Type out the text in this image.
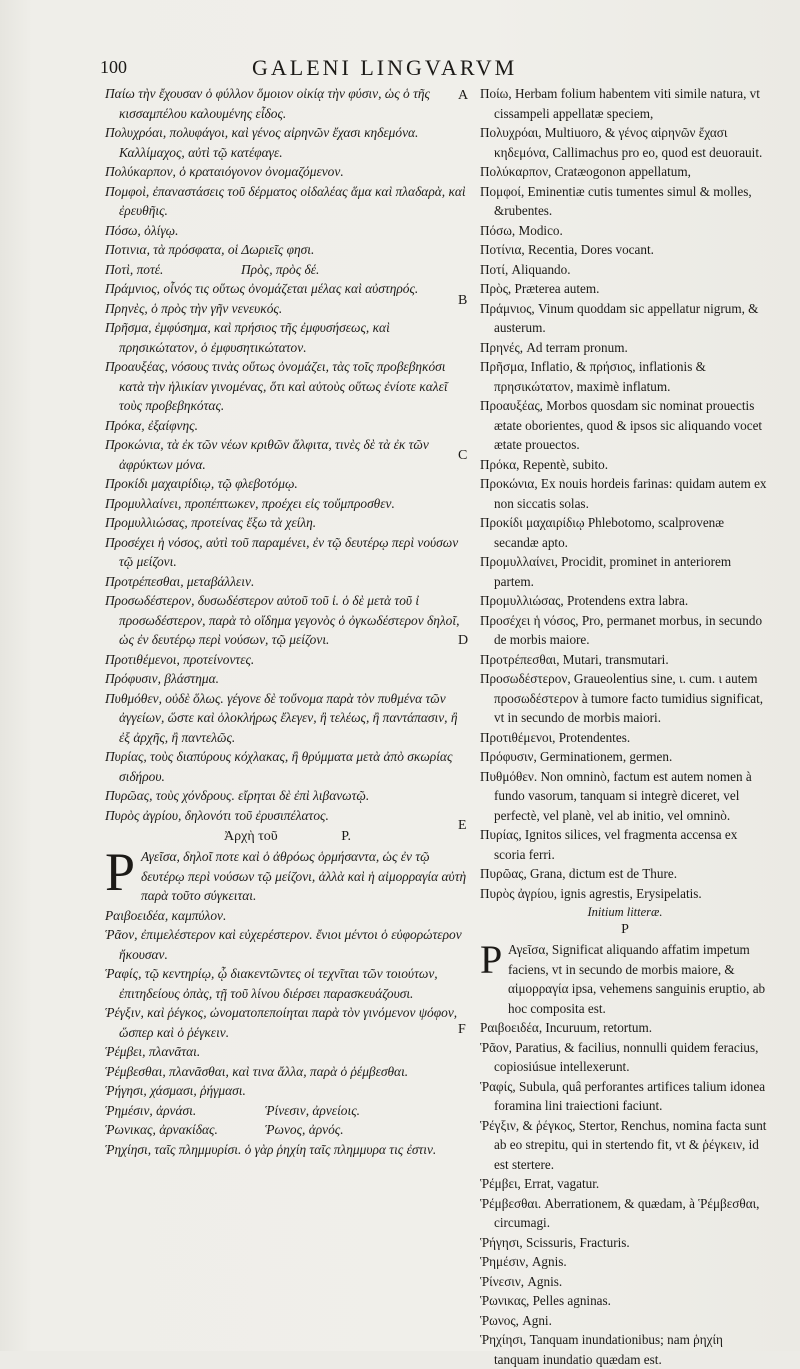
100	GALENI LINGVARVM
A
B
C
D
E
F

Παίω τὴν ἔχουσαν ὁ φύλλον ὅμοιον οἰκίᾳ τὴν φύσιν, ὡς ὁ τῆς κισσαμπέλου καλουμένης εἶδος.

Πολυχρόαι, πολυφάγοι, καὶ γένος αἰρηνῶν ἔχασι κηδεμόνα. Καλλίμαχος, αὐτὶ τῷ κατέφαγε.

Πολύκαρπον, ὁ κραταιόγονον ὀνομαζόμενον.

Πομφοὶ, ἐπαναστάσεις τοῦ δέρματος οἰδαλέας ἅμα καὶ πλαδαρὰ, καὶ ἐρευθῆις.

Πόσω, ὀλίγῳ.

Ποτινια, τὰ πρόσφατα, οἱ Δωριεῖς φησι.

Ποτὶ, ποτέ.	Πρὸς, πρὸς δέ.

Πράμνιος, οἶνός τις οὕτως ὀνομάζεται μέλας καὶ αὐστηρός.

Πρηνὲς, ὁ πρὸς τὴν γῆν νενευκός.

Πρῆσμα, ἐμφύσημα, καὶ πρήσιος τῆς ἐμφυσήσεως, καὶ πρησικώτατον, ὁ ἐμφυσητικώτατον.

Προαυξέας, νόσους τινὰς οὕτως ὀνομάζει, τὰς τοῖς προβεβηκόσι κατὰ τὴν ἡλικίαν γινομένας, ὅτι καὶ αὐτοὺς οὕτως ἐνίοτε καλεῖ τοὺς προβεβηκότας.

Πρόκα, ἐξαίφνης.

Προκώνια, τὰ ἐκ τῶν νέων κριθῶν ἄλφιτα, τινὲς δὲ τὰ ἐκ τῶν ἀφρύκτων μόνα.

Προκίδι μαχαιρίδιῳ, τῷ φλεβοτόμῳ.

Προμυλλαίνει, προπέπτωκεν, προέχει εἰς τοὔμπροσθεν.

Προμυλλιώσας, προτείνας ἔξω τὰ χείλη.

Προσέχει ἡ νόσος, αὐτὶ τοῦ παραμένει, ἐν τῷ δευτέρῳ περὶ νούσων τῷ μείζονι.

Προτρέπεσθαι, μεταβάλλειν.

Προσωδέστερον, δυσωδέστερον αὐτοῦ τοῦ ἰ. ὁ δὲ μετὰ τοῦ ἰ προσωδέστερον, παρὰ τὸ οἴδημα γεγονὸς ὁ ὀγκωδέστερον δηλοῖ, ὡς ἐν δευτέρῳ περὶ νούσων, τῷ μείζονι.

Προτιθέμενοι, προτείνοντες.

Πρόφυσιν, βλάστημα.

Πυθμόθεν, οὐδὲ ὅλως. γέγονε δὲ τοὔνομα παρὰ τὸν πυθμένα τῶν ἀγγείων, ὥστε καὶ ὁλοκλήρως ἔλεγεν, ἢ τελέως, ἢ παντάπασιν, ἢ ἐξ ἀρχῆς, ἢ παντελῶς.

Πυρίας, τοὺς διαπύρους κόχλακας, ἢ θρύμματα μετὰ ἀπὸ σκωρίας σιδήρου.

Πυρῶας, τοὺς χόνδρους. εἴρηται δὲ ἐπὶ λιβανωτῷ.

Πυρὸς ἀγρίου, δηλονότι τοῦ ἐρυσιπέλατος.

Ἀρχὴ τοῦ	P.
P Αγεῖσα, δηλοῖ ποτε καὶ ὁ ἀθρόως ὁρμήσαντα, ὡς ἐν τῷ δευτέρῳ περὶ νούσων τῷ μείζονι, ἀλλὰ καὶ ἡ αἱμορραγία αὐτὴ παρὰ τοῦτο σύγκειται.

Ραιβοειδέα, καμπύλον.

Ῥᾶον, ἐπιμελέστερον καὶ εὐχερέστερον. ἔνιοι μέντοι ὁ εὐφορώτερον ἤκουσαν.

Ῥαφίς, τῷ κεντηρίῳ, ᾧ διακεντῶντες οἱ τεχνῖται τῶν τοιούτων, ἐπιτηδείους ὀπὰς, τῇ τοῦ λίνου διέρσει παρασκευάζουσι.

Ῥέγξιν, καὶ ῥέγκος, ὠνοματοπεποίηται παρὰ τὸν γινόμενον ψόφον, ὥσπερ καὶ ὁ ῥέγκειν.

Ῥέμβει, πλανᾶται.

Ῥέμβεσθαι, πλανᾶσθαι, καὶ τινα ἄλλα, παρὰ ὁ ῥέμβεσθαι.

Ῥήγησι, χάσμασι, ῥήγμασι.

Ῥημέσιν, ἀρνάσι.	Ῥίνεσιν, ἀρνείοις.
Ῥωνικας, ἀρνακίδας.	Ῥωνος, ἀρνός.

Ῥηχίησι, ταῖς πλημμυρίσι. ὁ γὰρ ῥηχίη ταῖς πλημμυρα τις ἐστιν.

Ποίω, Herbam folium habentem viti simile natura, vt cissampeli appellatæ speciem,

Πολυχρόαι, Multiuoro, & γένος αἰρηνῶν ἔχασι κηδεμόνα, Callimachus pro eo, quod est deuorauit.

Πολύκαρπον, Cratæogonon appellatum,

Πομφοί, Eminentiæ cutis tumentes simul & molles, &rubentes.

Πόσω, Modico.

Ποτίνια, Recentia, Dores vocant.

Ποτί, Aliquando.

Πρὸς, Præterea autem.

Πράμνιος, Vinum quoddam sic appellatur nigrum, & austerum.

Πρηνές, Ad terram pronum.

Πρῆσμα, Inflatio, & πρήσιος, inflationis & πρησικώτατον, maximè inflatum.

Προαυξέας, Morbos quosdam sic nominat prouectis ætate oborientes, quod & ipsos sic aliquando vocet ætate prouectos.

Πρόκα, Repentè, subito.

Προκώνια, Ex nouis hordeis farinas: quidam autem ex non siccatis solas.

Προκίδι μαχαιρίδιῳ Phlebotomo, scalprovenæ secandæ apto.

Προμυλλαίνει, Procidit, prominet in anteriorem partem.

Προμυλλιώσας, Protendens extra labra.

Προσέχει ἡ νόσος, Pro, permanet morbus, in secundo de morbis maiore.

Προτρέπεσθαι, Mutari, transmutari.

Προσωδέστερον, Graueolentius sine, ι. cum. ι autem προσωδέστερον à tumore facto tumidius significat, vt in secundo de morbis maiori.

Προτιθέμενοι, Protendentes.

Πρόφυσιν, Germinationem, germen.

Πυθμόθεν. Non omninò, factum est autem nomen à fundo vasorum, tanquam si integrè diceret, vel perfectè, vel planè, vel ab initio, vel omninò.

Πυρίας, Ignitos silices, vel fragmenta accensa ex scoria ferri.

Πυρῶας, Grana, dictum est de Thure.

Πυρὸς ἀγρίου, ignis agrestis, Erysipelatis.

Initium litteræ.
P
P Αγεῖσα, Significat aliquando affatim impetum faciens, vt in secundo de morbis maiore, & αἱμορραγία ipsa, vehemens sanguinis eruptio, ab hoc composita est.

Ραιβοειδέα, Incuruum, retortum.

Ῥᾶον, Paratius, & facilius, nonnulli quidem feracius, copiosiúsue intellexerunt.

Ῥαφίς, Subula, quâ perforantes artifices talium idonea foramina lini traiectioni faciunt.

Ῥέγξιν, & ῥέγκος, Stertor, Renchus, nomina facta sunt ab eo strepitu, qui in stertendo fit, vt & ῥέγκειν, id est stertere.

Ῥέμβει, Errat, vagatur.

Ῥέμβεσθαι. Aberrationem, & quædam, à Ῥέμβεσθαι, circumagi.

Ῥήγησι, Scissuris, Fracturis.

Ῥημέσιν, Agnis.

Ῥίνεσιν, Agnis.

Ῥωνικας, Pelles agninas.

Ῥωνος, Agni.

Ῥηχίησι, Tanquam inundationibus; nam ῥηχίη tanquam inundatio quædam est.
